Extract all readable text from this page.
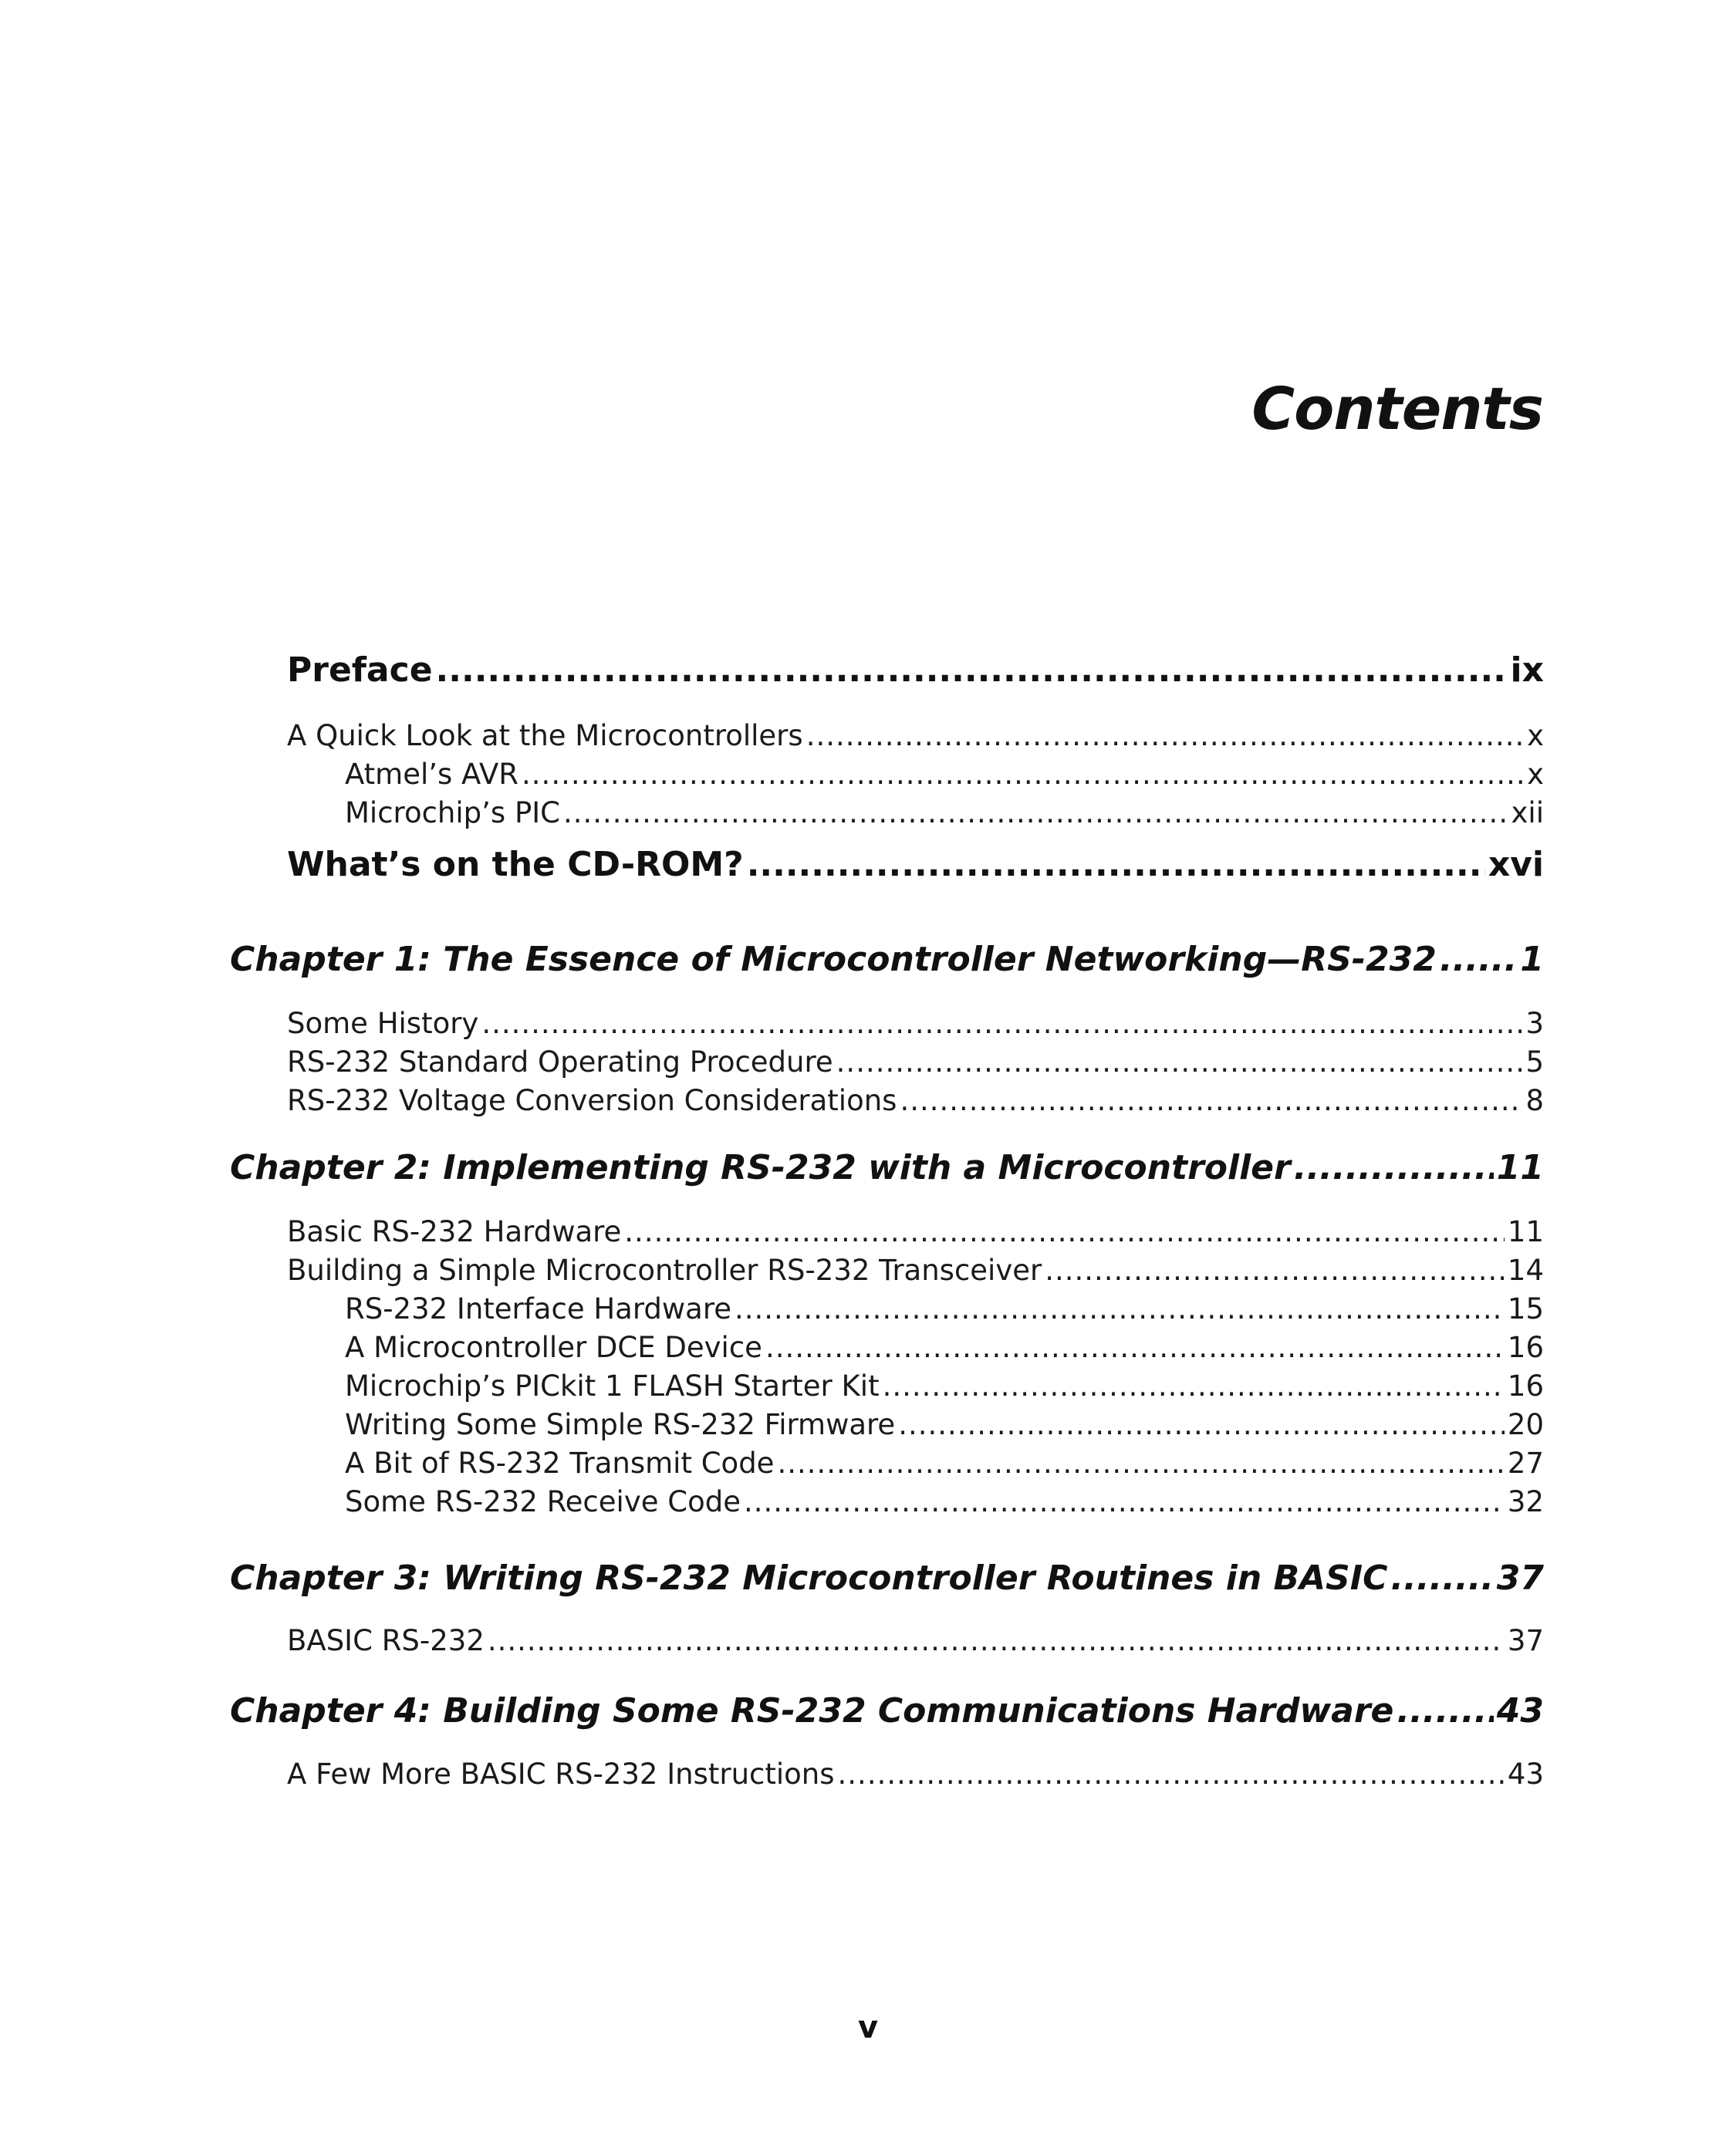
Contents
Preface .....	ix
A Quick Look at the Microcontrollers .....	x
Atmel’s AVR .....	x
Microchip’s PIC .....	xii
What’s on the CD-ROM? .....	xvi
Chapter 1: The Essence of Microcontroller Networking—RS-232 ..... 1
Some History .....	3
RS-232 Standard Operating Procedure .....	5
RS-232 Voltage Conversion Considerations .....	8
Chapter 2: Implementing RS-232 with a Microcontroller .....	11
Basic RS-232 Hardware .....	11
Building a Simple Microcontroller RS-232 Transceiver .....	14
RS-232 Interface Hardware .....	15
A Microcontroller DCE Device .....	16
Microchip’s PICkit 1 FLASH Starter Kit .....	16
Writing Some Simple RS-232 Firmware .....	20
A Bit of RS-232 Transmit Code .....	27
Some RS-232 Receive Code .....	32
Chapter 3: Writing RS-232 Microcontroller Routines in BASIC .....	37
BASIC RS-232 .....	37
Chapter 4: Building Some RS-232 Communications Hardware .....	43
A Few More BASIC RS-232 Instructions .....	43
v
